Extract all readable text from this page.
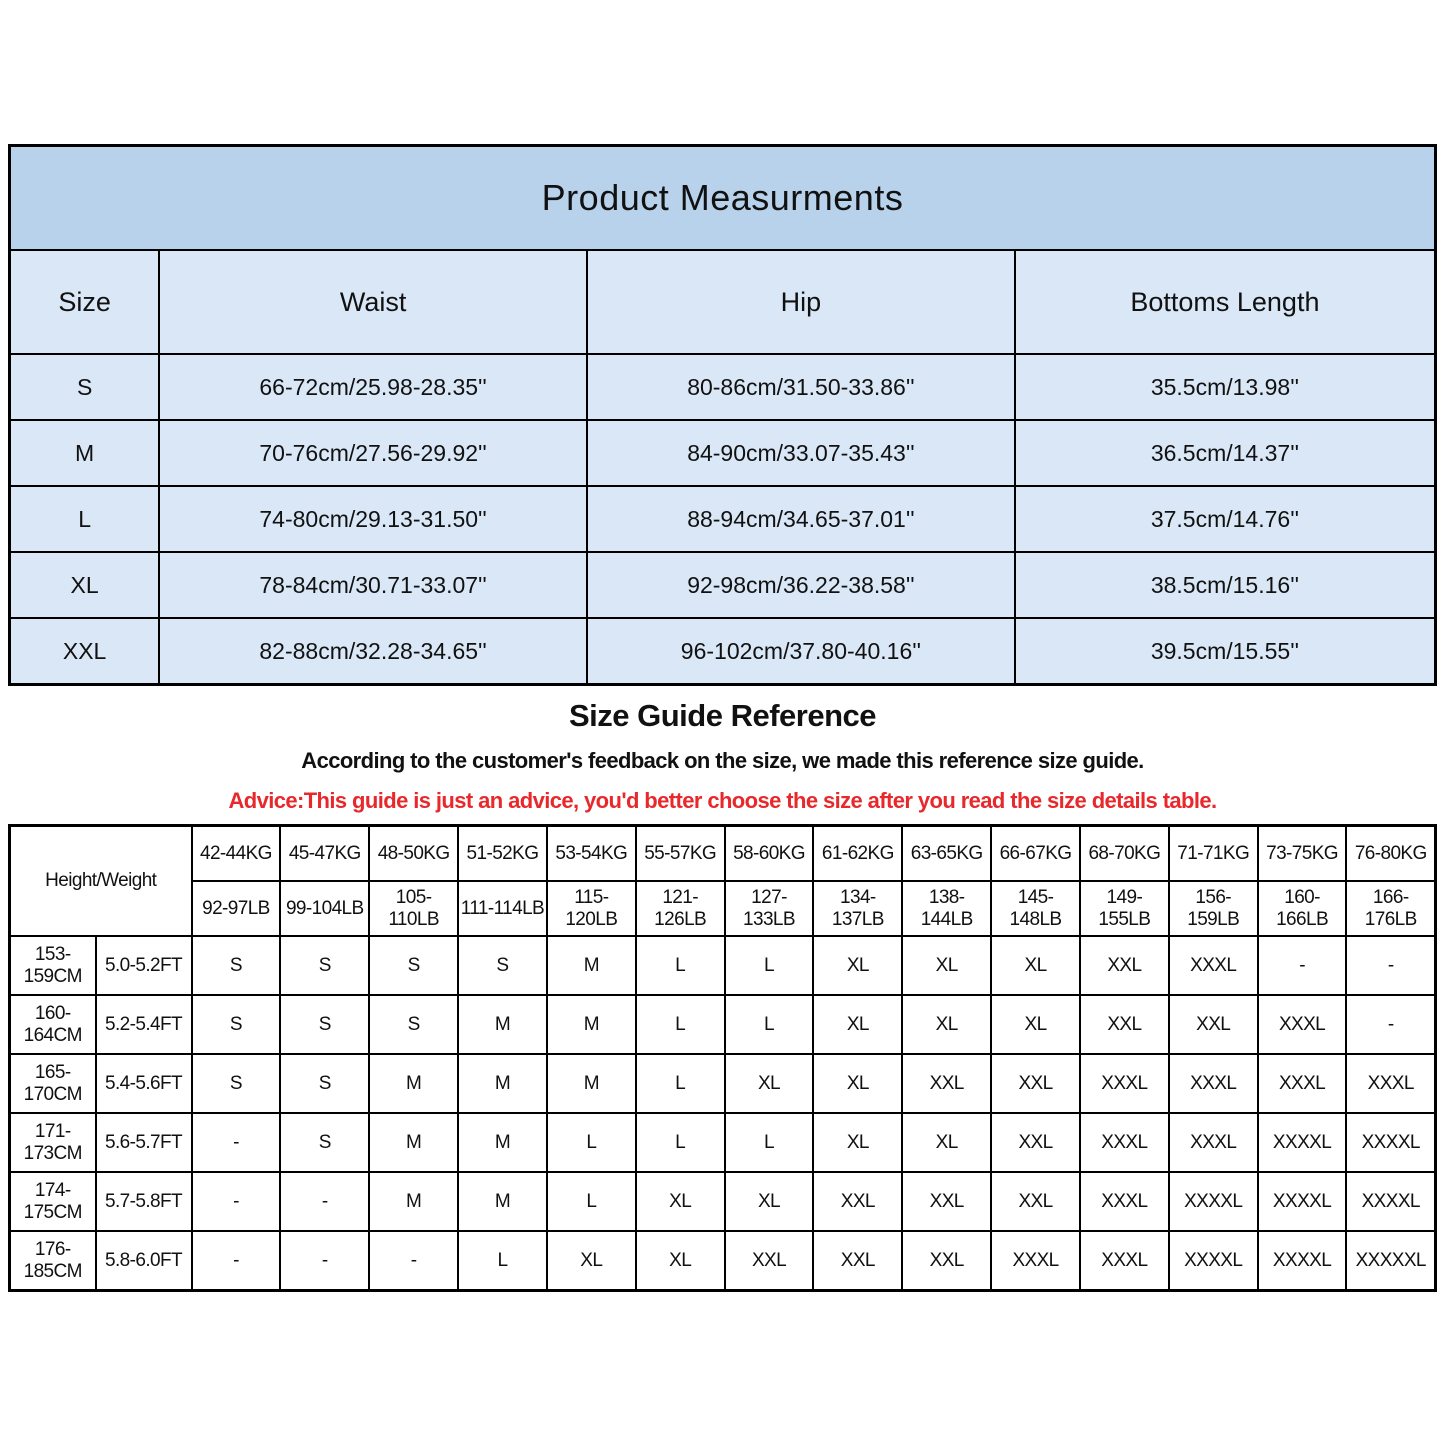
Product Measurments			
Size	Waist	Hip	Bottoms Length
S	66-72cm/25.98-28.35''	80-86cm/31.50-33.86''	35.5cm/13.98''
M	70-76cm/27.56-29.92''	84-90cm/33.07-35.43''	36.5cm/14.37''
L	74-80cm/29.13-31.50''	88-94cm/34.65-37.01''	37.5cm/14.76''
XL	78-84cm/30.71-33.07''	92-98cm/36.22-38.58''	38.5cm/15.16''
XXL	82-88cm/32.28-34.65''	96-102cm/37.80-40.16''	39.5cm/15.55''
Size Guide Reference

According to the customer's feedback on the size, we made this reference size guide.

Advice:This guide is just an advice, you'd better choose the size after you read the size details table.

Height/Weight		42-44KG	45-47KG	48-50KG	51-52KG	53-54KG	55-57KG	58-60KG	61-62KG	63-65KG	66-67KG	68-70KG	71-71KG	73-75KG	76-80KG
		92-97LB	99-104LB	105-110LB	111-114LB	115-120LB	121-126LB	127-133LB	134-137LB	138-144LB	145-148LB	149-155LB	156-159LB	160-166LB	166-176LB
153-159CM	5.0-5.2FT	S	S	S	S	M	L	L	XL	XL	XL	XXL	XXXL	-	-
160-164CM	5.2-5.4FT	S	S	S	M	M	L	L	XL	XL	XL	XXL	XXL	XXXL	-
165-170CM	5.4-5.6FT	S	S	M	M	M	L	XL	XL	XXL	XXL	XXXL	XXXL	XXXL	XXXL
171-173CM	5.6-5.7FT	-	S	M	M	L	L	L	XL	XL	XXL	XXXL	XXXL	XXXXL	XXXXL
174-175CM	5.7-5.8FT	-	-	M	M	L	XL	XL	XXL	XXL	XXL	XXXL	XXXXL	XXXXL	XXXXL
176-185CM	5.8-6.0FT	-	-	-	L	XL	XL	XXL	XXL	XXL	XXXL	XXXL	XXXXL	XXXXL	XXXXXL
